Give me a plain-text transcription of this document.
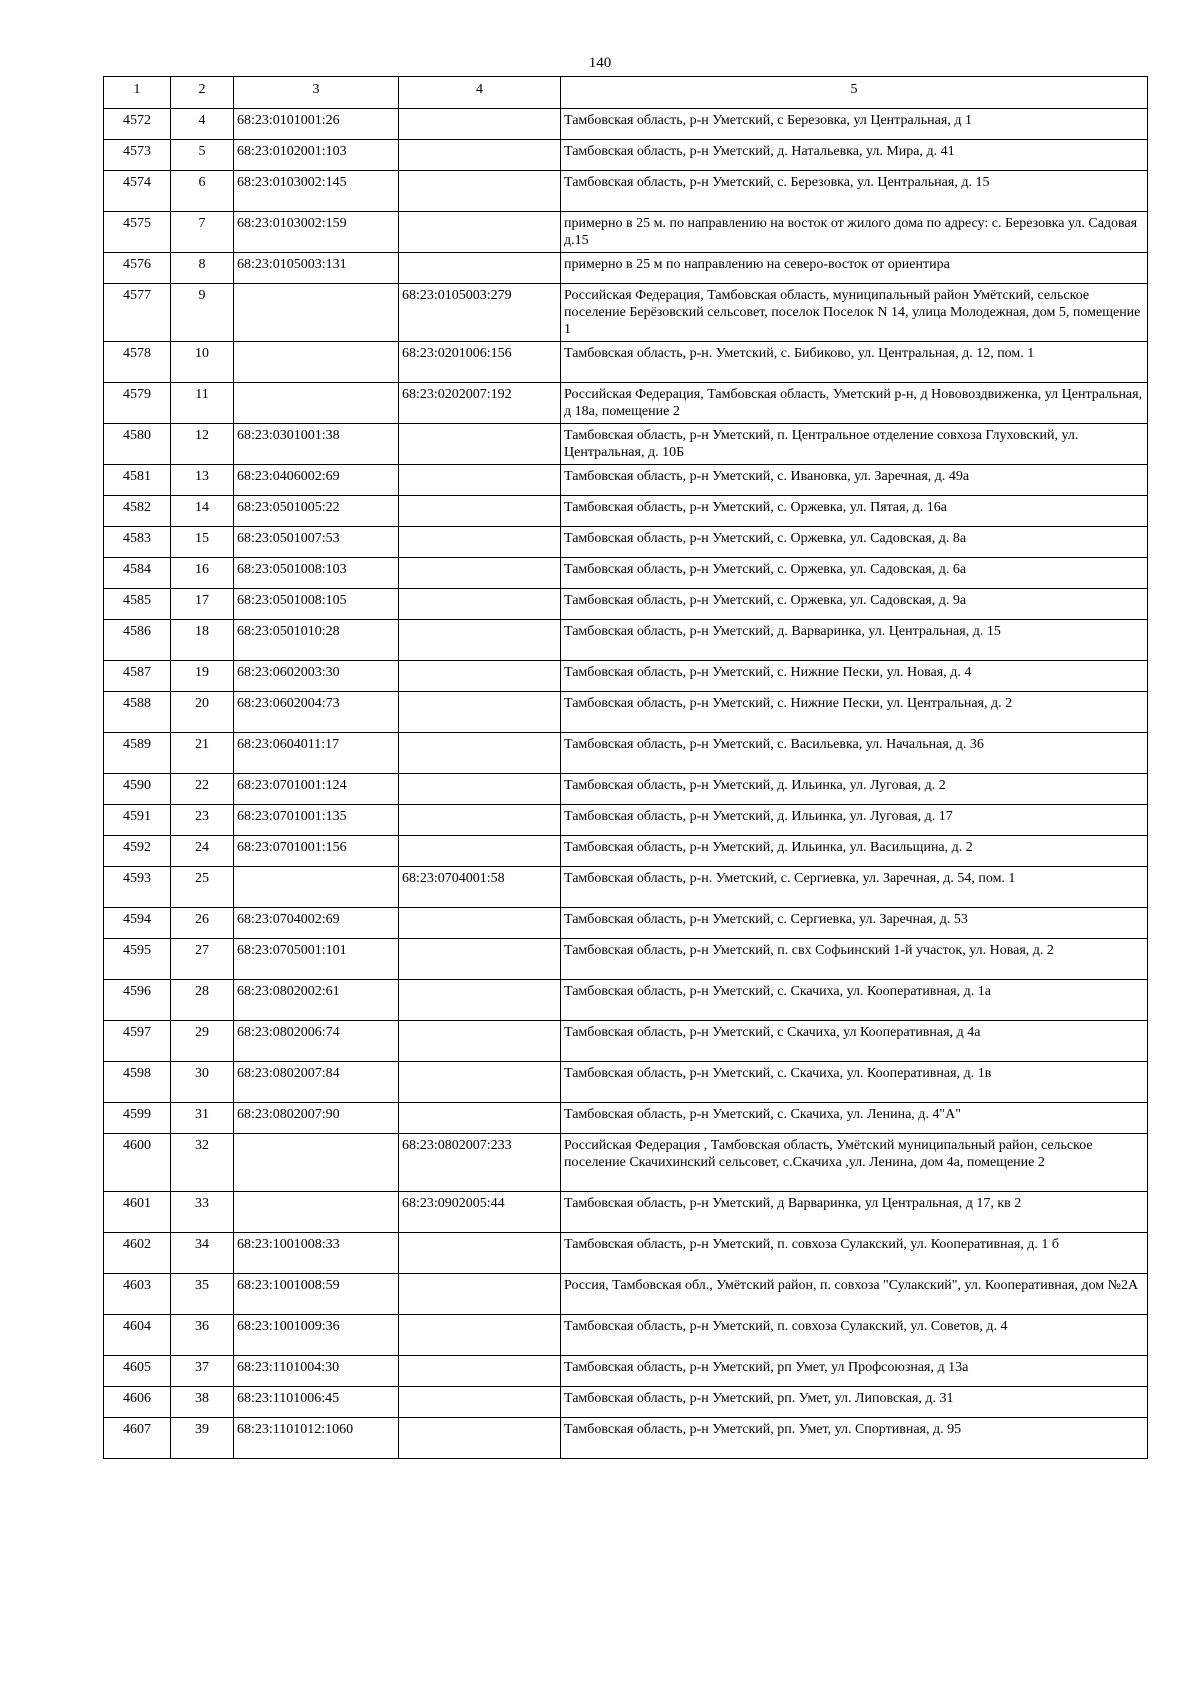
140
1	2	3	4	5
4572	4	68:23:0101001:26		Тамбовская область, р-н Уметский, с Березовка, ул Центральная, д 1
4573	5	68:23:0102001:103		Тамбовская область, р-н Уметский, д. Натальевка, ул. Мира, д. 41
4574	6	68:23:0103002:145		Тамбовская область, р-н Уметский, с. Березовка, ул. Центральная, д. 15
4575	7	68:23:0103002:159		примерно в 25 м. по направлению на восток от жилого дома по адресу: с. Березовка ул. Садовая д.15
4576	8	68:23:0105003:131		примерно в 25 м по направлению на северо-восток от ориентира
4577	9		68:23:0105003:279	Российская Федерация, Тамбовская область, муниципальный район Умётский, сельское поселение Берёзовский сельсовет, поселок Поселок N 14, улица Молодежная, дом 5, помещение 1
4578	10		68:23:0201006:156	Тамбовская область, р-н. Уметский, с. Бибиково, ул. Центральная, д. 12, пом. 1
4579	11		68:23:0202007:192	Российская Федерация, Тамбовская область, Уметский р-н, д Нововоздвиженка, ул Центральная, д 18а, помещение 2
4580	12	68:23:0301001:38		Тамбовская область, р-н Уметский, п. Центральное отделение совхоза Глуховский, ул. Центральная, д. 10Б
4581	13	68:23:0406002:69		Тамбовская область, р-н Уметский, с. Ивановка, ул. Заречная, д. 49а
4582	14	68:23:0501005:22		Тамбовская область, р-н Уметский, с. Оржевка, ул. Пятая, д. 16а
4583	15	68:23:0501007:53		Тамбовская область, р-н Уметский, с. Оржевка, ул. Садовская, д. 8а
4584	16	68:23:0501008:103		Тамбовская область, р-н Уметский, с. Оржевка, ул. Садовская, д. 6а
4585	17	68:23:0501008:105		Тамбовская область, р-н Уметский, с. Оржевка, ул. Садовская, д. 9а
4586	18	68:23:0501010:28		Тамбовская область, р-н Уметский, д. Варваринка, ул. Центральная, д. 15
4587	19	68:23:0602003:30		Тамбовская область, р-н Уметский, с. Нижние Пески, ул. Новая, д. 4
4588	20	68:23:0602004:73		Тамбовская область, р-н Уметский, с. Нижние Пески, ул. Центральная, д. 2
4589	21	68:23:0604011:17		Тамбовская область, р-н Уметский, с. Васильевка, ул. Начальная, д. 36
4590	22	68:23:0701001:124		Тамбовская область, р-н Уметский, д. Ильинка, ул. Луговая, д. 2
4591	23	68:23:0701001:135		Тамбовская область, р-н Уметский, д. Ильинка, ул. Луговая, д. 17
4592	24	68:23:0701001:156		Тамбовская область, р-н Уметский, д. Ильинка, ул. Васильщина, д. 2
4593	25		68:23:0704001:58	Тамбовская область, р-н. Уметский, с. Сергиевка, ул. Заречная, д. 54, пом. 1
4594	26	68:23:0704002:69		Тамбовская область, р-н Уметский, с. Сергиевка, ул. Заречная, д. 53
4595	27	68:23:0705001:101		Тамбовская область, р-н Уметский, п. свх Софьинский 1-й участок, ул. Новая, д. 2
4596	28	68:23:0802002:61		Тамбовская область, р-н Уметский, с. Скачиха, ул. Кооперативная, д. 1а
4597	29	68:23:0802006:74		Тамбовская область, р-н Уметский, с Скачиха, ул Кооперативная, д 4а
4598	30	68:23:0802007:84		Тамбовская область, р-н Уметский, с. Скачиха, ул. Кооперативная, д. 1в
4599	31	68:23:0802007:90		Тамбовская область, р-н Уметский, с. Скачиха, ул. Ленина, д. 4"А"
4600	32		68:23:0802007:233	Российская Федерация , Тамбовская область, Умётский муниципальный район, сельское поселение Скачихинский сельсовет, с.Скачиха ,ул. Ленина, дом 4а, помещение 2
4601	33		68:23:0902005:44	Тамбовская область, р-н Уметский, д Варваринка, ул Центральная, д 17, кв 2
4602	34	68:23:1001008:33		Тамбовская область, р-н Уметский, п. совхоза Сулакский, ул. Кооперативная, д. 1 б
4603	35	68:23:1001008:59		Россия, Тамбовская обл., Умётский район, п. совхоза "Сулакский", ул. Кооперативная, дом №2А
4604	36	68:23:1001009:36		Тамбовская область, р-н Уметский, п. совхоза Сулакский, ул. Советов, д. 4
4605	37	68:23:1101004:30		Тамбовская область, р-н Уметский, рп Умет, ул Профсоюзная, д 13а
4606	38	68:23:1101006:45		Тамбовская область, р-н Уметский, рп. Умет, ул. Липовская, д. 31
4607	39	68:23:1101012:1060		Тамбовская область, р-н Уметский, рп. Умет, ул. Спортивная, д. 95
